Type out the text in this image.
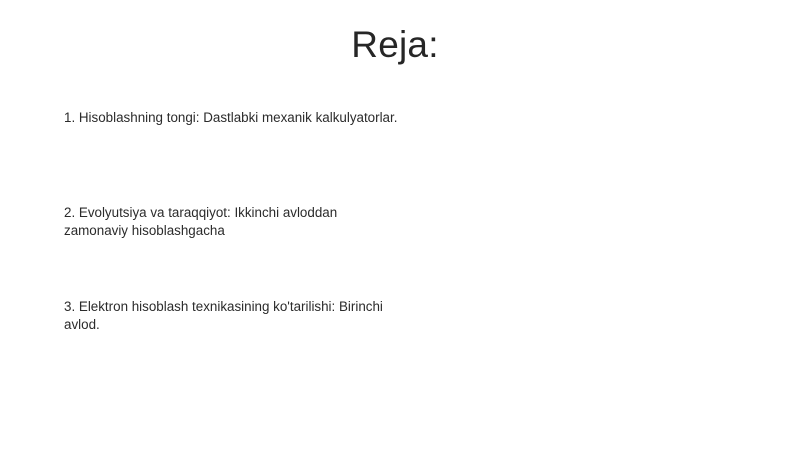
Reja:
1. Hisoblashning tongi: Dastlabki mexanik kalkulyatorlar.
2. Evolyutsiya va taraqqiyot: Ikkinchi avloddan
zamonaviy hisoblashgacha
3. Elektron hisoblash texnikasining ko'tarilishi: Birinchi
avlod.
